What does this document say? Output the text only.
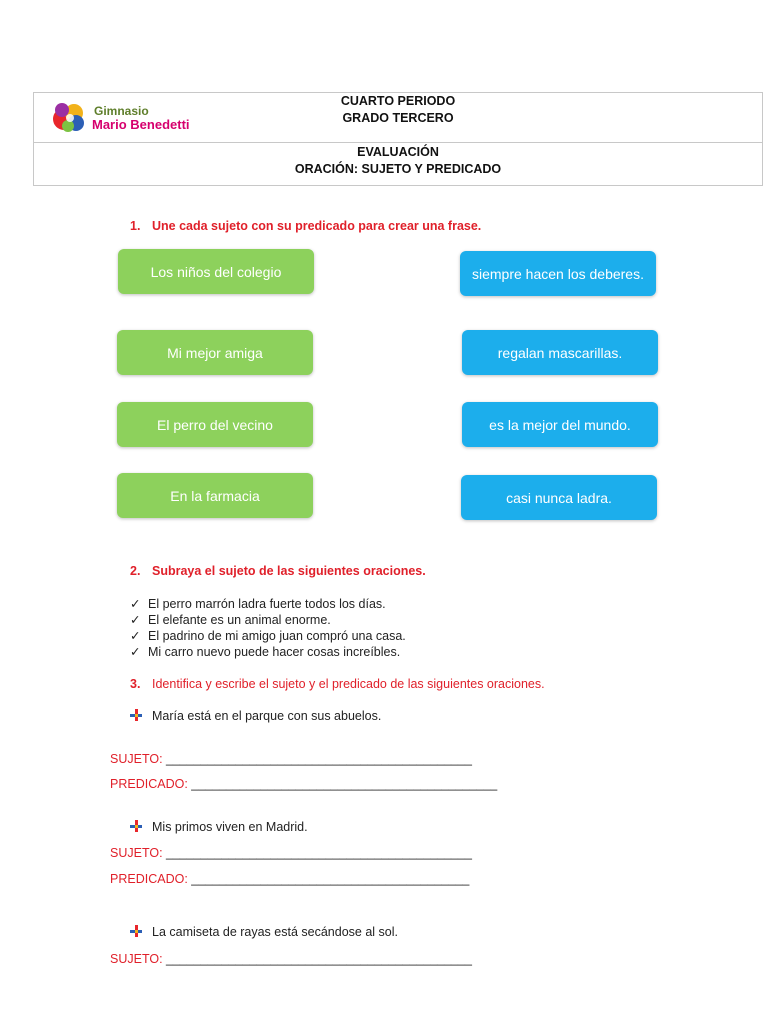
Gimnasio
Mario Benedetti
CUARTO PERIODO
GRADO TERCERO
EVALUACIÓN
ORACIÓN: SUJETO Y PREDICADO
1. Une cada sujeto con su predicado para crear una frase.
Los niños del colegio
Mi mejor amiga
El perro del vecino
En la farmacia
siempre hacen los deberes.
regalan mascarillas.
es la mejor del mundo.
casi nunca ladra.
2. Subraya el sujeto de las siguientes oraciones.
✓ El perro marrón ladra fuerte todos los días.
✓ El elefante es un animal enorme.
✓ El padrino de mi amigo juan compró una casa.
✓ Mi carro nuevo puede hacer cosas increíbles.
3. Identifica y escribe el sujeto y el predicado de las siguientes oraciones.
María está en el parque con sus abuelos.
SUJETO: ____________________________________________
PREDICADO: ____________________________________________
Mis primos viven en Madrid.
SUJETO: ____________________________________________
PREDICADO: ________________________________________
La camiseta de rayas está secándose al sol.
SUJETO: ____________________________________________
